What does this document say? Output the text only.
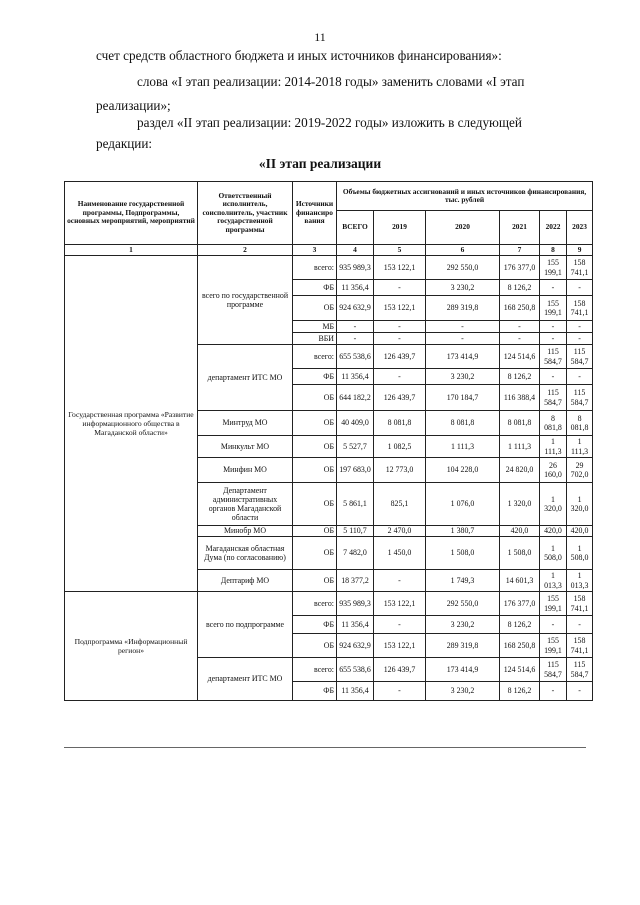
11
счет средств областного бюджета и иных источников финансирования»:
слова «I этап реализации: 2014-2018 годы» заменить словами «I этап
реализации»;
раздел «II этап реализации: 2019-2022 годы» изложить в следующей
редакции:
«II этап реализации
Наименование государственной программы, Подпрограммы, основных мероприятий, мероприятий	Ответственный исполнитель, соисполнитель, участник государственной программы	Источники финансирования	Объемы бюджетных ассигнований и иных источников финансирования, тыс. рублей					
			ВСЕГО	2019	2020	2021	2022	2023
1	2	3	4	5	6	7	8	9
Государственная программа «Развитие информационного общества в Магаданской области»	всего по государственной программе	всего:	935 989,3	153 122,1	292 550,0	176 377,0	155 199,1	158 741,1
		ФБ	11 356,4	-	3 230,2	8 126,2	-	-
		ОБ	924 632,9	153 122,1	289 319,8	168 250,8	155 199,1	158 741,1
		МБ	-	-	-	-	-	-
		ВБИ	-	-	-	-	-	-
	департамент ИТС МО	всего:	655 538,6	126 439,7	173 414,9	124 514,6	115 584,7	115 584,7
		ФБ	11 356,4	-	3 230,2	8 126,2	-	-
		ОБ	644 182,2	126 439,7	170 184,7	116 388,4	115 584,7	115 584,7
	Минтруд МО	ОБ	40 409,0	8 081,8	8 081,8	8 081,8	8 081,8	8 081,8
	Минкульт МО	ОБ	5 527,7	1 082,5	1 111,3	1 111,3	1 111,3	1 111,3
	Минфин МО	ОБ	197 683,0	12 773,0	104 228,0	24 820,0	26 160,0	29 702,0
	Департамент административных органов Магаданской области	ОБ	5 861,1	825,1	1 076,0	1 320,0	1 320,0	1 320,0
	Минобр МО	ОБ	5 110,7	2 470,0	1 380,7	420,0	420,0	420,0
	Магаданская областная Дума (по согласованию)	ОБ	7 482,0	1 450,0	1 508,0	1 508,0	1 508,0	1 508,0
	Дептариф МО	ОБ	18 377,2	-	1 749,3	14 601,3	1 013,3	1 013,3
Подпрограмма «Информационный регион»	всего по подпрограмме	всего:	935 989,3	153 122,1	292 550,0	176 377,0	155 199,1	158 741,1
		ФБ	11 356,4	-	3 230,2	8 126,2	-	-
		ОБ	924 632,9	153 122,1	289 319,8	168 250,8	155 199,1	158 741,1
	департамент ИТС МО	всего:	655 538,6	126 439,7	173 414,9	124 514,6	115 584,7	115 584,7
		ФБ	11 356,4	-	3 230,2	8 126,2	-	-
